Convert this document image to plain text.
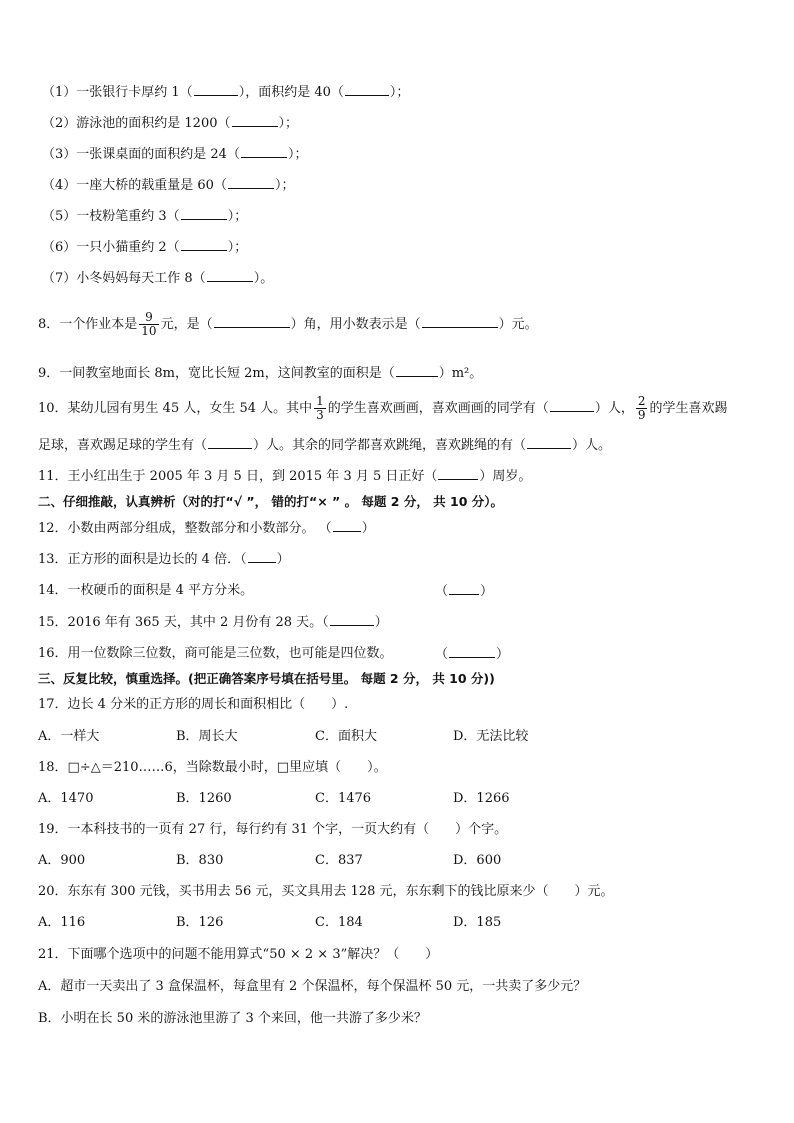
（1）一张银行卡厚约 1（	），面积约是 40（	）；
（2）游泳池的面积约是 1200（	）；
（3）一张课桌面的面积约是 24（	）；
（4）一座大桥的载重量是 60（	）；
（5）一枝粉笔重约 3（	）；
（6）一只小猫重约 2（	）；
（7）小冬妈妈每天工作 8（	）。
8．一个作业本是 $\frac{9}{10}$ 元，是（	）角，用小数表示是（	）元。
9．一间教室地面长 8m，宽比长短 2m，这间教室的面积是（	）m²。
10．某幼儿园有男生 45 人，女生 54 人。其中 $\frac{1}{3}$ 的学生喜欢画画，喜欢画画的同学有（	）人， $\frac{2}{9}$ 的学生喜欢踢
足球，喜欢踢足球的学生有（	）人。其余的同学都喜欢跳绳，喜欢跳绳的有（	）人。
11．王小红出生于 2005 年 3 月 5 日，到 2015 年 3 月 5 日正好（	）周岁。
二、仔细推敲，认真辨析（对的打“√ ”， 错的打“× ” 。 每题 2 分， 共 10 分）。
12．小数由两部分组成，整数部分和小数部分。 （ ）
13．正方形的面积是边长的 4 倍．（ ）
14．一枚硬币的面积是 4 平方分米。	（ ）
15．2016 年有 365 天，其中 2 月份有 28 天。（	）
16．用一位数除三位数，商可能是三位数，也可能是四位数。	（	）
三、反复比较，慎重选择。(把正确答案序号填在括号里。 每题 2 分， 共 10 分))
17．边长 4 分米的正方形的周长和面积相比（　　）.
A．一样大	B．周长大	C．面积大	D．无法比较
18．□÷△＝210……6，当除数最小时，□里应填（　　）。
A．1470	B．1260	C．1476	D．1266
19．一本科技书的一页有 27 行，每行约有 31 个字，一页大约有（　　）个字。
A．900	B．830	C．837	D．600
20．东东有 300 元钱，买书用去 56 元，买文具用去 128 元，东东剩下的钱比原来少（　　）元。
A．116	B．126	C．184	D．185
21．下面哪个选项中的问题不能用算式“50 × 2 × 3”解决？（　　）
A．超市一天卖出了 3 盒保温杯，每盒里有 2 个保温杯，每个保温杯 50 元，一共卖了多少元？
B．小明在长 50 米的游泳池里游了 3 个来回，他一共游了多少米？
